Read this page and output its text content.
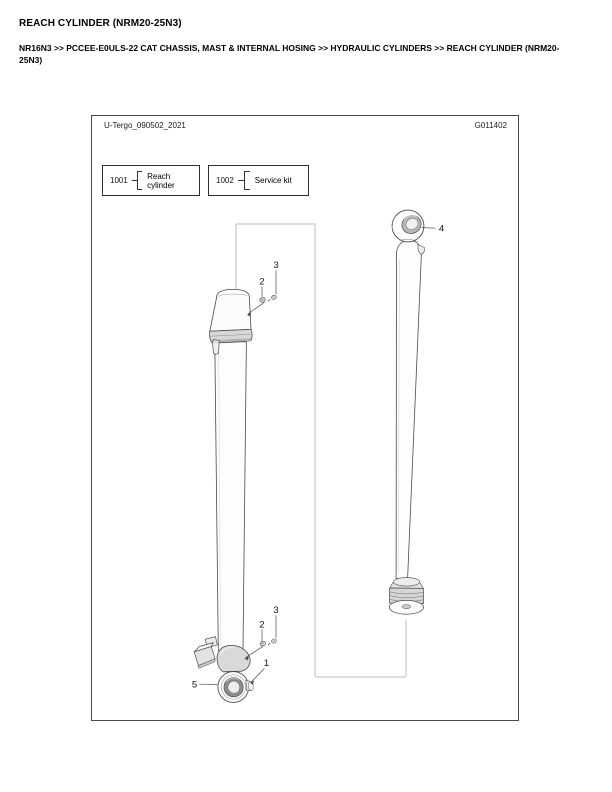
REACH CYLINDER (NRM20-25N3)
NR16N3 >> PCCEE-E0ULS-22 CAT CHASSIS, MAST & INTERNAL HOSING >> HYDRAULIC CYLINDERS >> REACH CYLINDER (NRM20-25N3)
U-Tergo_090502_2021	G011402
1001 Reach cylinder	1002	Service kit
4
3
2
3
2
1
5
